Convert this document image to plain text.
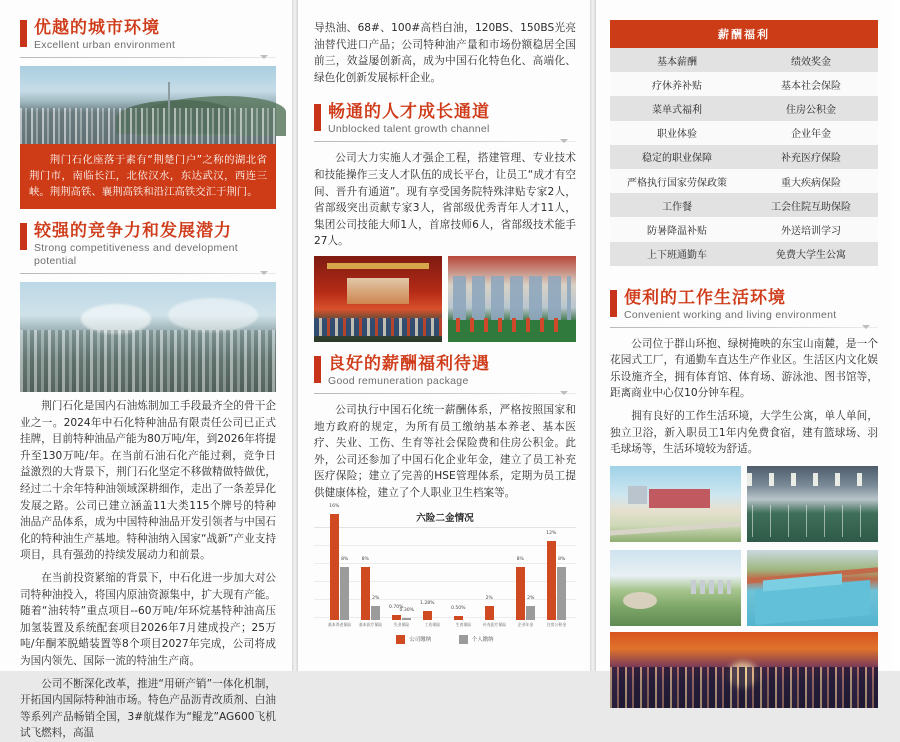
优越的城市环境
Excellent urban environment
荆门石化座落于素有“荆楚门户”之称的湖北省荆门市，南临长江，北依汉水，东达武汉，西连三峡。荆荆高铁、襄荆高铁和沿江高铁交汇于荆门。
较强的竞争力和发展潜力
Strong competitiveness and development potential

荆门石化是国内石油炼制加工手段最齐全的骨干企业之一。2024年中石化特种油品有限责任公司已正式挂牌，目前特种油品产能为80万吨/年，到2026年将提升至130万吨/年。在当前石油石化产能过剩，竞争日益激烈的大背景下，荆门石化坚定不移做精做特做优，经过二十余年特种油领域深耕细作，走出了一条差异化发展之路。公司已建立涵盖11大类115个牌号的特种油品产品体系，成为中国特种油品开发引领者与中国石化的特种油生产基地。特种油纳入国家“战新”产业支持项目，具有强劲的持续发展动力和前景。

在当前投资紧缩的背景下，中石化进一步加大对公司特种油投入，将国内原油资源集中，扩大现有产能。随着“油转特”重点项目--60万吨/年环烷基特种油高压加氢装置及系统配套项目2026年7月建成投产；25万吨/年酮苯脱蜡装置等8个项目2027年完成，公司将成为国内领先、国际一流的特油生产商。

公司不断深化改革，推进“用研产销”一体化机制，开拓国内国际特种油市场。特色产品沥青改质剂、白油等系列产品畅销全国，3#航煤作为“鲲龙”AG600飞机试飞燃料，高温

导热油、68#、100#高档白油，120BS、150BS光亮油替代进口产品；公司特种油产量和市场份额稳居全国前三，效益屡创新高，成为中国石化特色化、高端化、绿色化创新发展标杆企业。

畅通的人才成长通道
Unblocked talent growth channel

公司大力实施人才强企工程，搭建管理、专业技术和技能操作三支人才队伍的成长平台，让员工“成才有空间、晋升有通道”。现有享受国务院特殊津贴专家2人，省部级突出贡献专家3人，省部级优秀青年人才11人，集团公司技能大师1人，首席技师6人，省部级技术能手27人。

良好的薪酬福利待遇
Good remuneration package

公司执行中国石化统一薪酬体系，严格按照国家和地方政府的规定，为所有员工缴纳基本养老、基本医疗、失业、工伤、生育等社会保险费和住房公积金。此外，公司还参加了中国石化企业年金，建立了员工补充医疗保险；建立了完善的HSE管理体系，定期为员工提供健康体检，建立了个人职业卫生档案等。

六险二金情况
16%
8%	8%
2%
0.70%
0.30%
1.28%
0.50%
2%
8%
2%
12%
8%
基本养老保险	基本医疗保险	失业保险	工伤保险	生育保险	补充医疗保险	企业年金	住房公积金
公司缴纳	个人缴纳
薪酬福利	
基本薪酬	绩效奖金
疗休养补贴	基本社会保险
菜单式福利	住房公积金
职业体验	企业年金
稳定的职业保障	补充医疗保险
严格执行国家劳保政策	重大疾病保险
工作餐	工会住院互助保险
防暑降温补贴	外送培训学习
上下班通勤车	免费大学生公寓
便利的工作生活环境
Convenient working and living environment

公司位于群山环抱、绿树掩映的东宝山南麓，是一个花园式工厂，有通勤车直达生产作业区。生活区内文化娱乐设施齐全，拥有体育馆、体育场、游泳池、图书馆等，距离商业中心仅10分钟车程。

拥有良好的工作生活环境，大学生公寓，单人单间，独立卫浴，新入职员工1年内免费食宿，建有篮球场、羽毛球场等，生活环境较为舒适。
